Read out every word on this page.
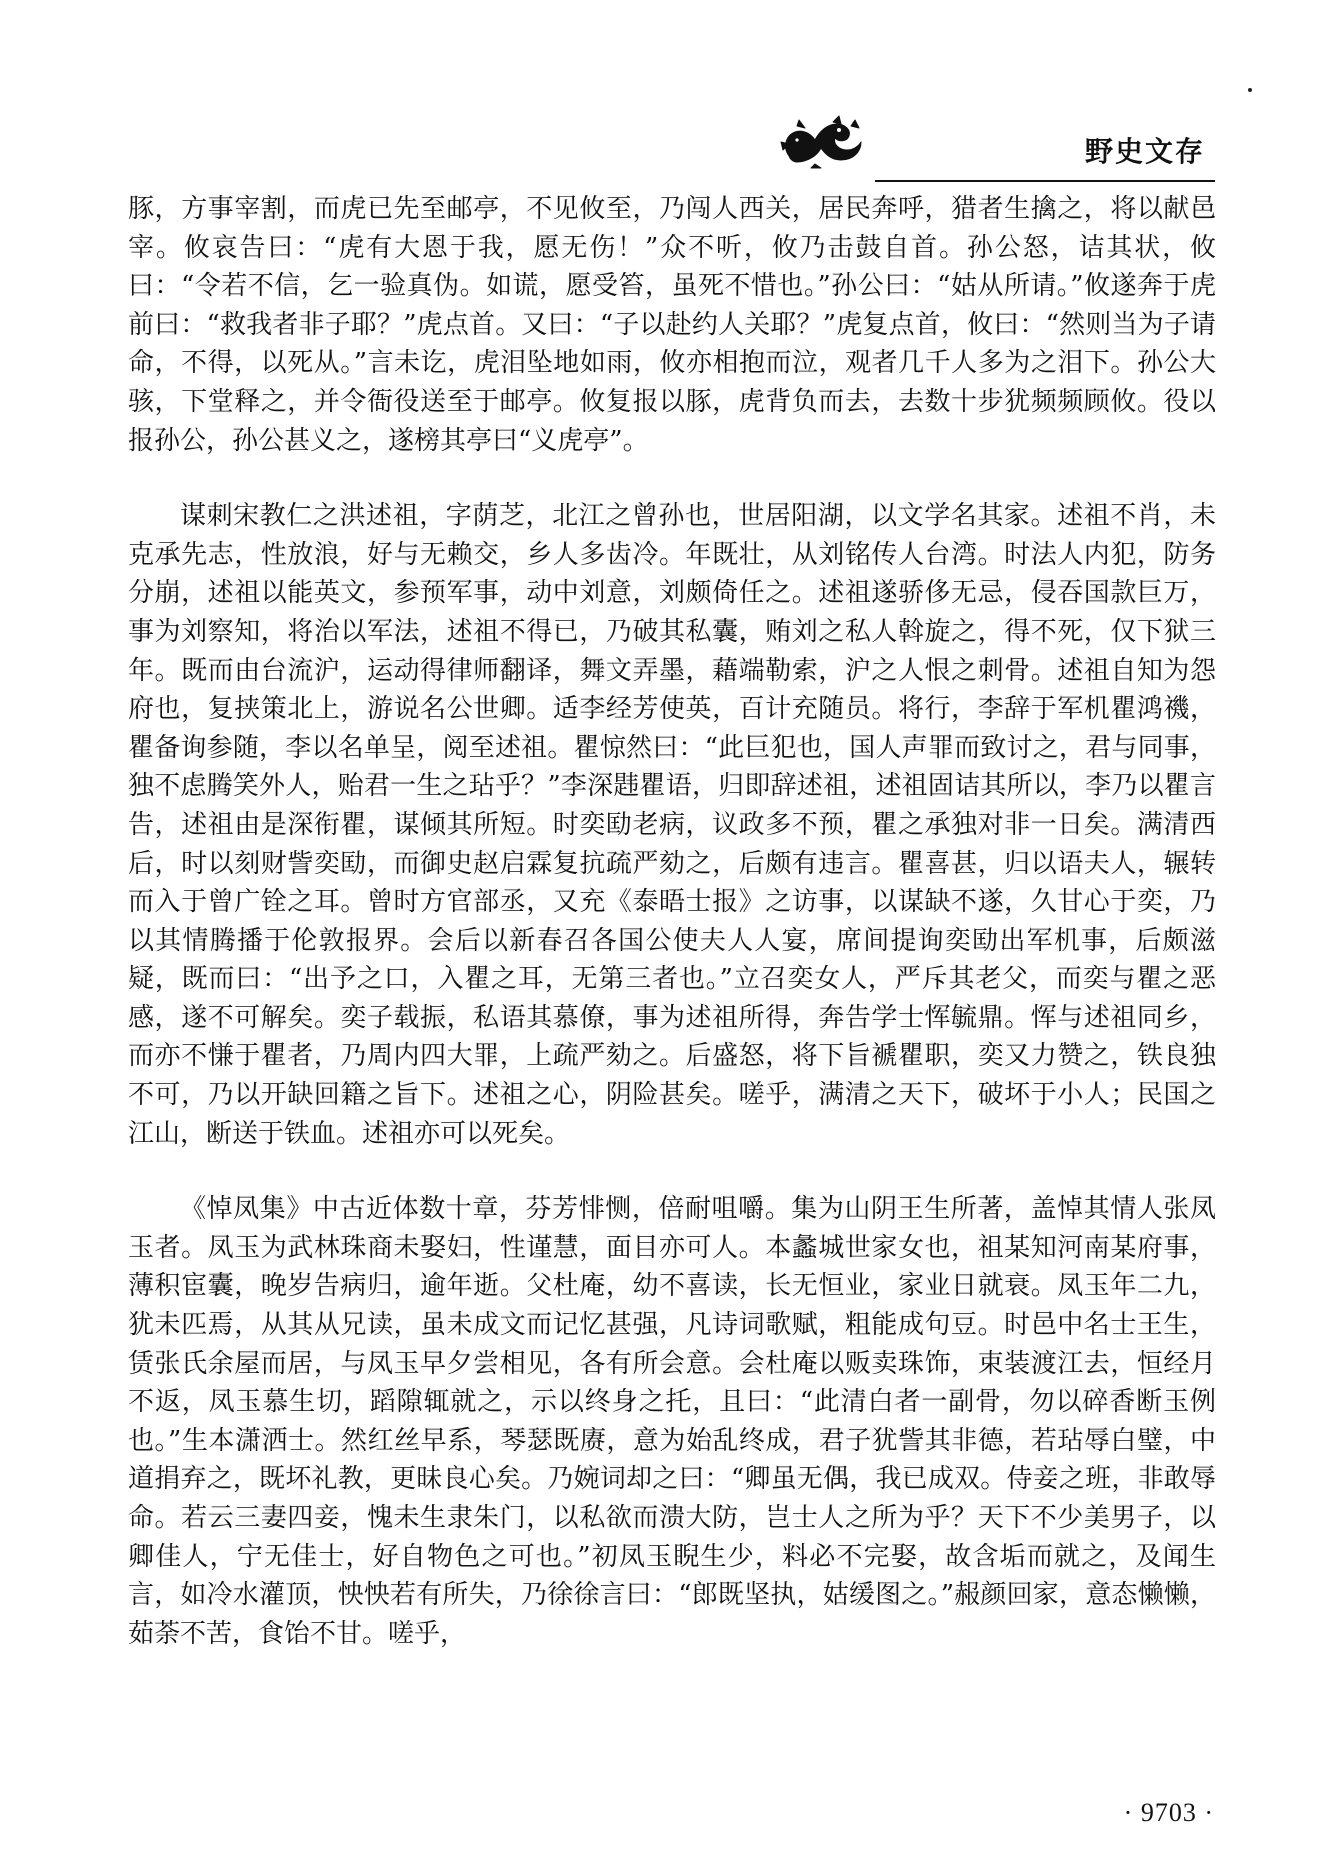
野史文存

豚，方事宰割，而虎已先至邮亭，不见攸至，乃闯人西关，居民奔呼，猎者生擒之，将以献邑宰。攸哀告曰：“虎有大恩于我，愿无伤！”众不听，攸乃击鼓自首。孙公怒，诘其状，攸曰：“令若不信，乞一验真伪。如谎，愿受笞，虽死不惜也。”孙公曰：“姑从所请。”攸遂奔于虎前曰：“救我者非子耶？”虎点首。又曰：“子以赴约人关耶？”虎复点首，攸曰：“然则当为子请命，不得，以死从。”言未讫，虎泪坠地如雨，攸亦相抱而泣，观者几千人多为之泪下。孙公大骇，下堂释之，并令衙役送至于邮亭。攸复报以豚，虎背负而去，去数十步犹频频顾攸。役以报孙公，孙公甚义之，遂榜其亭曰“义虎亭”。

谋刺宋教仁之洪述祖，字荫芝，北江之曾孙也，世居阳湖，以文学名其家。述祖不肖，未克承先志，性放浪，好与无赖交，乡人多齿冷。年既壮，从刘铭传人台湾。时法人内犯，防务分崩，述祖以能英文，参预军事，动中刘意，刘颇倚任之。述祖遂骄侈无忌，侵吞国款巨万，事为刘察知，将治以军法，述祖不得已，乃破其私囊，贿刘之私人斡旋之，得不死，仅下狱三年。既而由台流沪，运动得律师翻译，舞文弄墨，藉端勒索，沪之人恨之刺骨。述祖自知为怨府也，复挟策北上，游说名公世卿。适李经芳使英，百计充随员。将行，李辞于军机瞿鸿禨，瞿备询参随，李以名单呈，阅至述祖。瞿惊然曰：“此巨犯也，国人声罪而致讨之，君与同事，独不虑腾笑外人，贻君一生之玷乎？”李深韪瞿语，归即辞述祖，述祖固诘其所以，李乃以瞿言告，述祖由是深衔瞿，谋倾其所短。时奕劻老病，议政多不预，瞿之承独对非一日矣。满清西后，时以刻财訾奕劻，而御史赵启霖复抗疏严劾之，后颇有违言。瞿喜甚，归以语夫人，辗转而入于曾广铨之耳。曾时方官部丞，又充《泰晤士报》之访事，以谋缺不遂，久甘心于奕，乃以其情腾播于伦敦报界。会后以新春召各国公使夫人人宴，席间提询奕劻出军机事，后颇滋疑，既而曰：“出予之口，入瞿之耳，无第三者也。”立召奕女人，严斥其老父，而奕与瞿之恶感，遂不可解矣。奕子载振，私语其慕僚，事为述祖所得，奔告学士恽毓鼎。恽与述祖同乡，而亦不慊于瞿者，乃周内四大罪，上疏严劾之。后盛怒，将下旨褫瞿职，奕又力赞之，铁良独不可，乃以开缺回籍之旨下。述祖之心，阴险甚矣。嗟乎，满清之天下，破坏于小人；民国之江山，断送于铁血。述祖亦可以死矣。

《悼凤集》中古近体数十章，芬芳悱恻，倍耐咀嚼。集为山阴王生所著，盖悼其情人张凤玉者。凤玉为武林珠商未娶妇，性谨慧，面目亦可人。本蠡城世家女也，祖某知河南某府事，薄积宦囊，晚岁告病归，逾年逝。父杜庵，幼不喜读，长无恒业，家业日就衰。凤玉年二九，犹未匹焉，从其从兄读，虽未成文而记忆甚强，凡诗词歌赋，粗能成句豆。时邑中名士王生，赁张氏余屋而居，与凤玉早夕尝相见，各有所会意。会杜庵以贩卖珠饰，束装渡江去，恒经月不返，凤玉慕生切，蹈隙辄就之，示以终身之托，且曰：“此清白者一副骨，勿以碎香断玉例也。”生本潇洒士。然红丝早系，琴瑟既赓，意为始乱终成，君子犹訾其非德，若玷辱白璧，中道捐弃之，既坏礼教，更昧良心矣。乃婉词却之曰：“卿虽无偶，我已成双。侍妾之班，非敢辱命。若云三妻四妾，愧未生隶朱门，以私欲而溃大防，岂士人之所为乎？天下不少美男子，以卿佳人，宁无佳士，好自物色之可也。”初凤玉睨生少，料必不完娶，故含垢而就之，及闻生言，如冷水灌顶，怏怏若有所失，乃徐徐言曰：“郎既坚执，姑缓图之。”赧颜回家，意态懒懒，茹荼不苦，食饴不甘。嗟乎，

· 9703 ·
